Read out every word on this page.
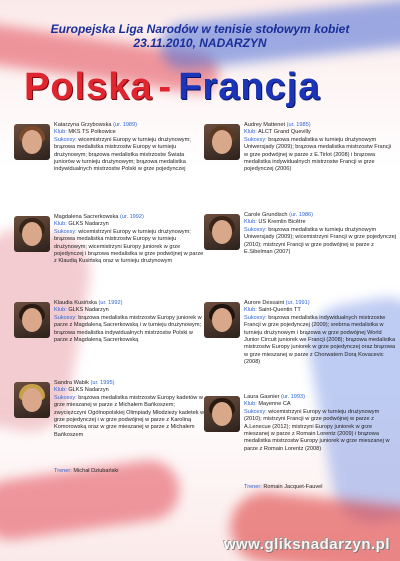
Europejska Liga Narodów w tenisie stołowym kobiet
23.11.2010, NADARZYN
Polska - Francja
Katarzyna Grzybowska (ur. 1989)
Klub: MKS TS Polkowice
Sukcesy: wicemistrzyni Europy w turnieju drużynowym; brązowa medalistka mistrzostw Europy w turnieju drużynowym; brązowa medalistka mistrzostw Świata juniorów w turnieju drużynowym; brązowa medalistka indywidualnych mistrzostw Polski w grze pojedynczej
Magdalena Sacrerkowska (ur. 1992)
Klub: GLKS Nadarzyn
Sukcesy: wicemistrzyni Europy w turnieju drużynowym; brązowa medalistka mistrzostw Europy w turnieju drużynowym; wicemistrzyni Europy juniorek w grze pojedynczej i brązowa medalistka w grze podwójnej w parze z Klaudią Kusińską oraz w turnieju drużynowym
Klaudia Kusińska (ur. 1992)
Klub: GLKS Nadarzyn
Sukcesy: brązowa medalistka mistrzostw Europy juniorek w parze z Magdaleną Sacrerkowską i w turnieju drużynowym; brązowa medalistka indywidualnych mistrzostw Polski w parze z Magdaleną Sacrerkowską
Sandra Wabik (ur. 1995)
Klub: GLKS Nadarzyn
Sukcesy: brązowa medalistka mistrzostw Europy kadetów w grze mieszanej w parze z Michałem Bańkoszem; zwyciężczyni Ogólnopolskiej Olimpiady Młodzieży kadetek w grze pojedynczej i w grze podwójnej w parze z Karoliną Komorowską oraz w grze mieszanej w parze z Michałem Bańkoszem
Trener: Michał Dziubański
Audrey Mattenet (ur. 1985)
Klub: ALCT Grand Quevilly
Sukcesy: brązowa medalistka w turnieju drużynowym Uniwersjady (2009); brązowa medalistka mistrzostw Francji w grze podwójnej w parze z E.Tirlot (2008) i brązowa medalistka indywidualnych mistrzostw Francji w grze pojedynczej (2006)
Carole Grundisch (ur. 1986)
Klub: US Kremlin Bicêtre
Sukcesy: brązowa medalistka w turnieju drużynowym Uniwersjady (2009); wicemistrzyni Francji w grze pojedynczej (2010); mistrzyni Francji w grze podwójnej w parze z E.Sibelman (2007)
Aurore Dessaint (ur. 1991)
Klub: Saint-Quentin TT
Sukcesy: brązowa medalistka indywidualnych mistrzostw Francji w grze pojedynczej (2009); srebrna medalistka w turnieju drużynowym i brązowa w grze podwójnej World Junior Circuit juniorek we Francji (2008); brązowa medalistka mistrzostw Europy juniorek w grze pojedynczej oraz brązowa w grze mieszanej w parze z Chorwatem Dorą Kovacevic (2008)
Laura Gasnier (ur. 1993)
Klub: Mayenne CA
Sukcesy: wicemistrzyni Europy w turnieju drużynowym (2010); mistrzyni Francji w grze podwójnej w parze z A.Lenecue (2012); mistrzyni Europy juniorek w grze mieszanej w parze z Romain Lorentz (2009) i brązowa medalistka mistrzostw Europy juniorek w grze mieszanej w parze z Romain Lorentz (2008)
Trener: Romain Jacquet-Fauvel
www.gliksnadarzyn.pl
